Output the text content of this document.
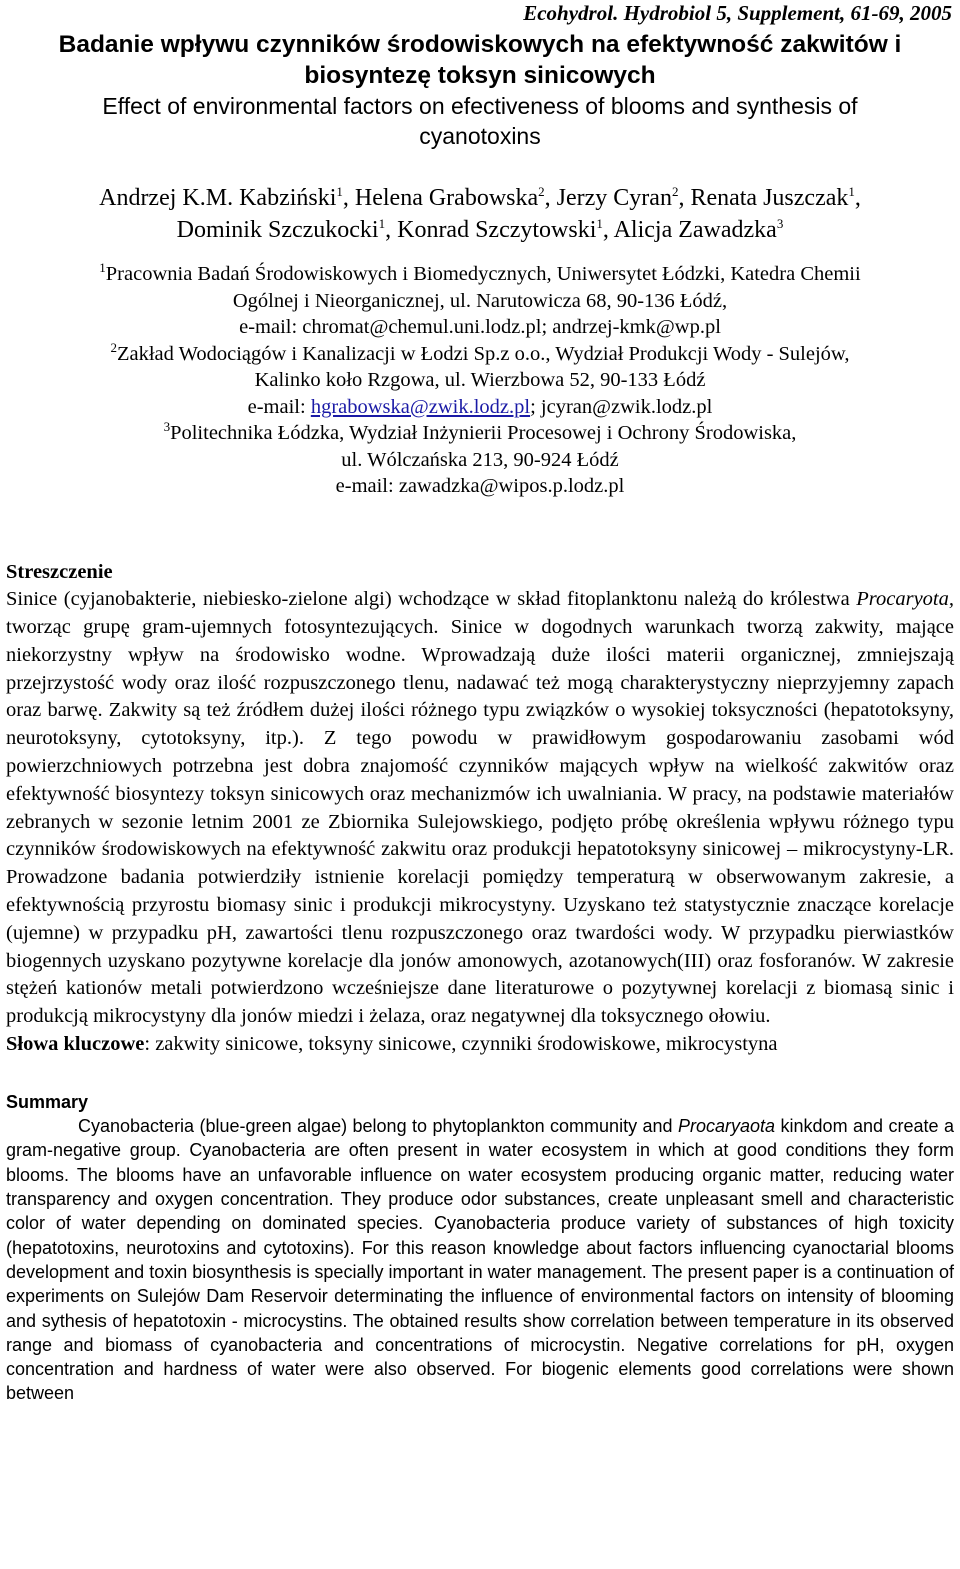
Ecohydrol. Hydrobiol 5, Supplement, 61-69, 2005
Badanie wpływu czynników środowiskowych na efektywność zakwitów i
biosyntezę toksyn sinicowych
Effect of environmental factors on efectiveness of blooms and synthesis of
cyanotoxins
Andrzej K.M. Kabziński$^1$, Helena Grabowska$^2$, Jerzy Cyran$^2$, Renata Juszczak$^1$,
Dominik Szczukocki$^1$, Konrad Szczytowski$^1$, Alicja Zawadzka$^3$
$^1$Pracownia Badań Środowiskowych i Biomedycznych, Uniwersytet Łódzki, Katedra Chemii
Ogólnej i Nieorganicznej, ul. Narutowicza 68, 90-136 Łódź,
e-mail: chromat@chemul.uni.lodz.pl; andrzej-kmk@wp.pl
$^2$Zakład Wodociągów i Kanalizacji w Łodzi Sp.z o.o., Wydział Produkcji Wody - Sulejów,
Kalinko koło Rzgowa, ul. Wierzbowa 52, 90-133 Łódź
e-mail: hgrabowska@zwik.lodz.pl; jcyran@zwik.lodz.pl
$^3$Politechnika Łódzka, Wydział Inżynierii Procesowej i Ochrony Środowiska,
ul. Wólczańska 213, 90-924 Łódź
e-mail: zawadzka@wipos.p.lodz.pl
Streszczenie
Sinice (cyjanobakterie, niebiesko-zielone algi) wchodzące w skład fitoplanktonu należą do królestwa Procaryota, tworząc grupę gram-ujemnych fotosyntezujących. Sinice w dogodnych warunkach tworzą zakwity, mające niekorzystny wpływ na środowisko wodne. Wprowadzają duże ilości materii organicznej, zmniejszają przejrzystość wody oraz ilość rozpuszczonego tlenu, nadawać też mogą charakterystyczny nieprzyjemny zapach oraz barwę. Zakwity są też źródłem dużej ilości różnego typu związków o wysokiej toksyczności (hepatotoksyny, neurotoksyny, cytotoksyny, itp.). Z tego powodu w prawidłowym gospodarowaniu zasobami wód powierzchniowych potrzebna jest dobra znajomość czynników mających wpływ na wielkość zakwitów oraz efektywność biosyntezy toksyn sinicowych oraz mechanizmów ich uwalniania. W pracy, na podstawie materiałów zebranych w sezonie letnim 2001 ze Zbiornika Sulejowskiego, podjęto próbę określenia wpływu różnego typu czynników środowiskowych na efektywność zakwitu oraz produkcji hepatotoksyny sinicowej – mikrocystyny-LR. Prowadzone badania potwierdziły istnienie korelacji pomiędzy temperaturą w obserwowanym zakresie, a efektywnością przyrostu biomasy sinic i produkcji mikrocystyny. Uzyskano też statystycznie znaczące korelacje (ujemne) w przypadku pH, zawartości tlenu rozpuszczonego oraz twardości wody. W przypadku pierwiastków biogennych uzyskano pozytywne korelacje dla jonów amonowych, azotanowych(III) oraz fosforanów. W zakresie stężeń kationów metali potwierdzono wcześniejsze dane literaturowe o pozytywnej korelacji z biomasą sinic i produkcją mikrocystyny dla jonów miedzi i żelaza, oraz negatywnej dla toksycznego ołowiu.
Słowa kluczowe: zakwity sinicowe, toksyny sinicowe, czynniki środowiskowe, mikrocystyna
Summary
Cyanobacteria (blue-green algae) belong to phytoplankton community and Procaryaota kinkdom and create a gram-negative group. Cyanobacteria are often present in water ecosystem in which at good conditions they form blooms. The blooms have an unfavorable influence on water ecosystem producing organic matter, reducing water transparency and oxygen concentration. They produce odor substances, create unpleasant smell and characteristic color of water depending on dominated species. Cyanobacteria produce variety of substances of high toxicity (hepatotoxins, neurotoxins and cytotoxins). For this reason knowledge about factors influencing cyanoctarial blooms development and toxin biosynthesis is specially important in water management. The present paper is a continuation of experiments on Sulejów Dam Reservoir determinating the influence of environmental factors on intensity of blooming and sythesis of hepatotoxin - microcystins. The obtained results show correlation between temperature in its observed range and biomass of cyanobacteria and concentrations of microcystin. Negative correlations for pH, oxygen concentration and hardness of water were also observed. For biogenic elements good correlations were shown between
